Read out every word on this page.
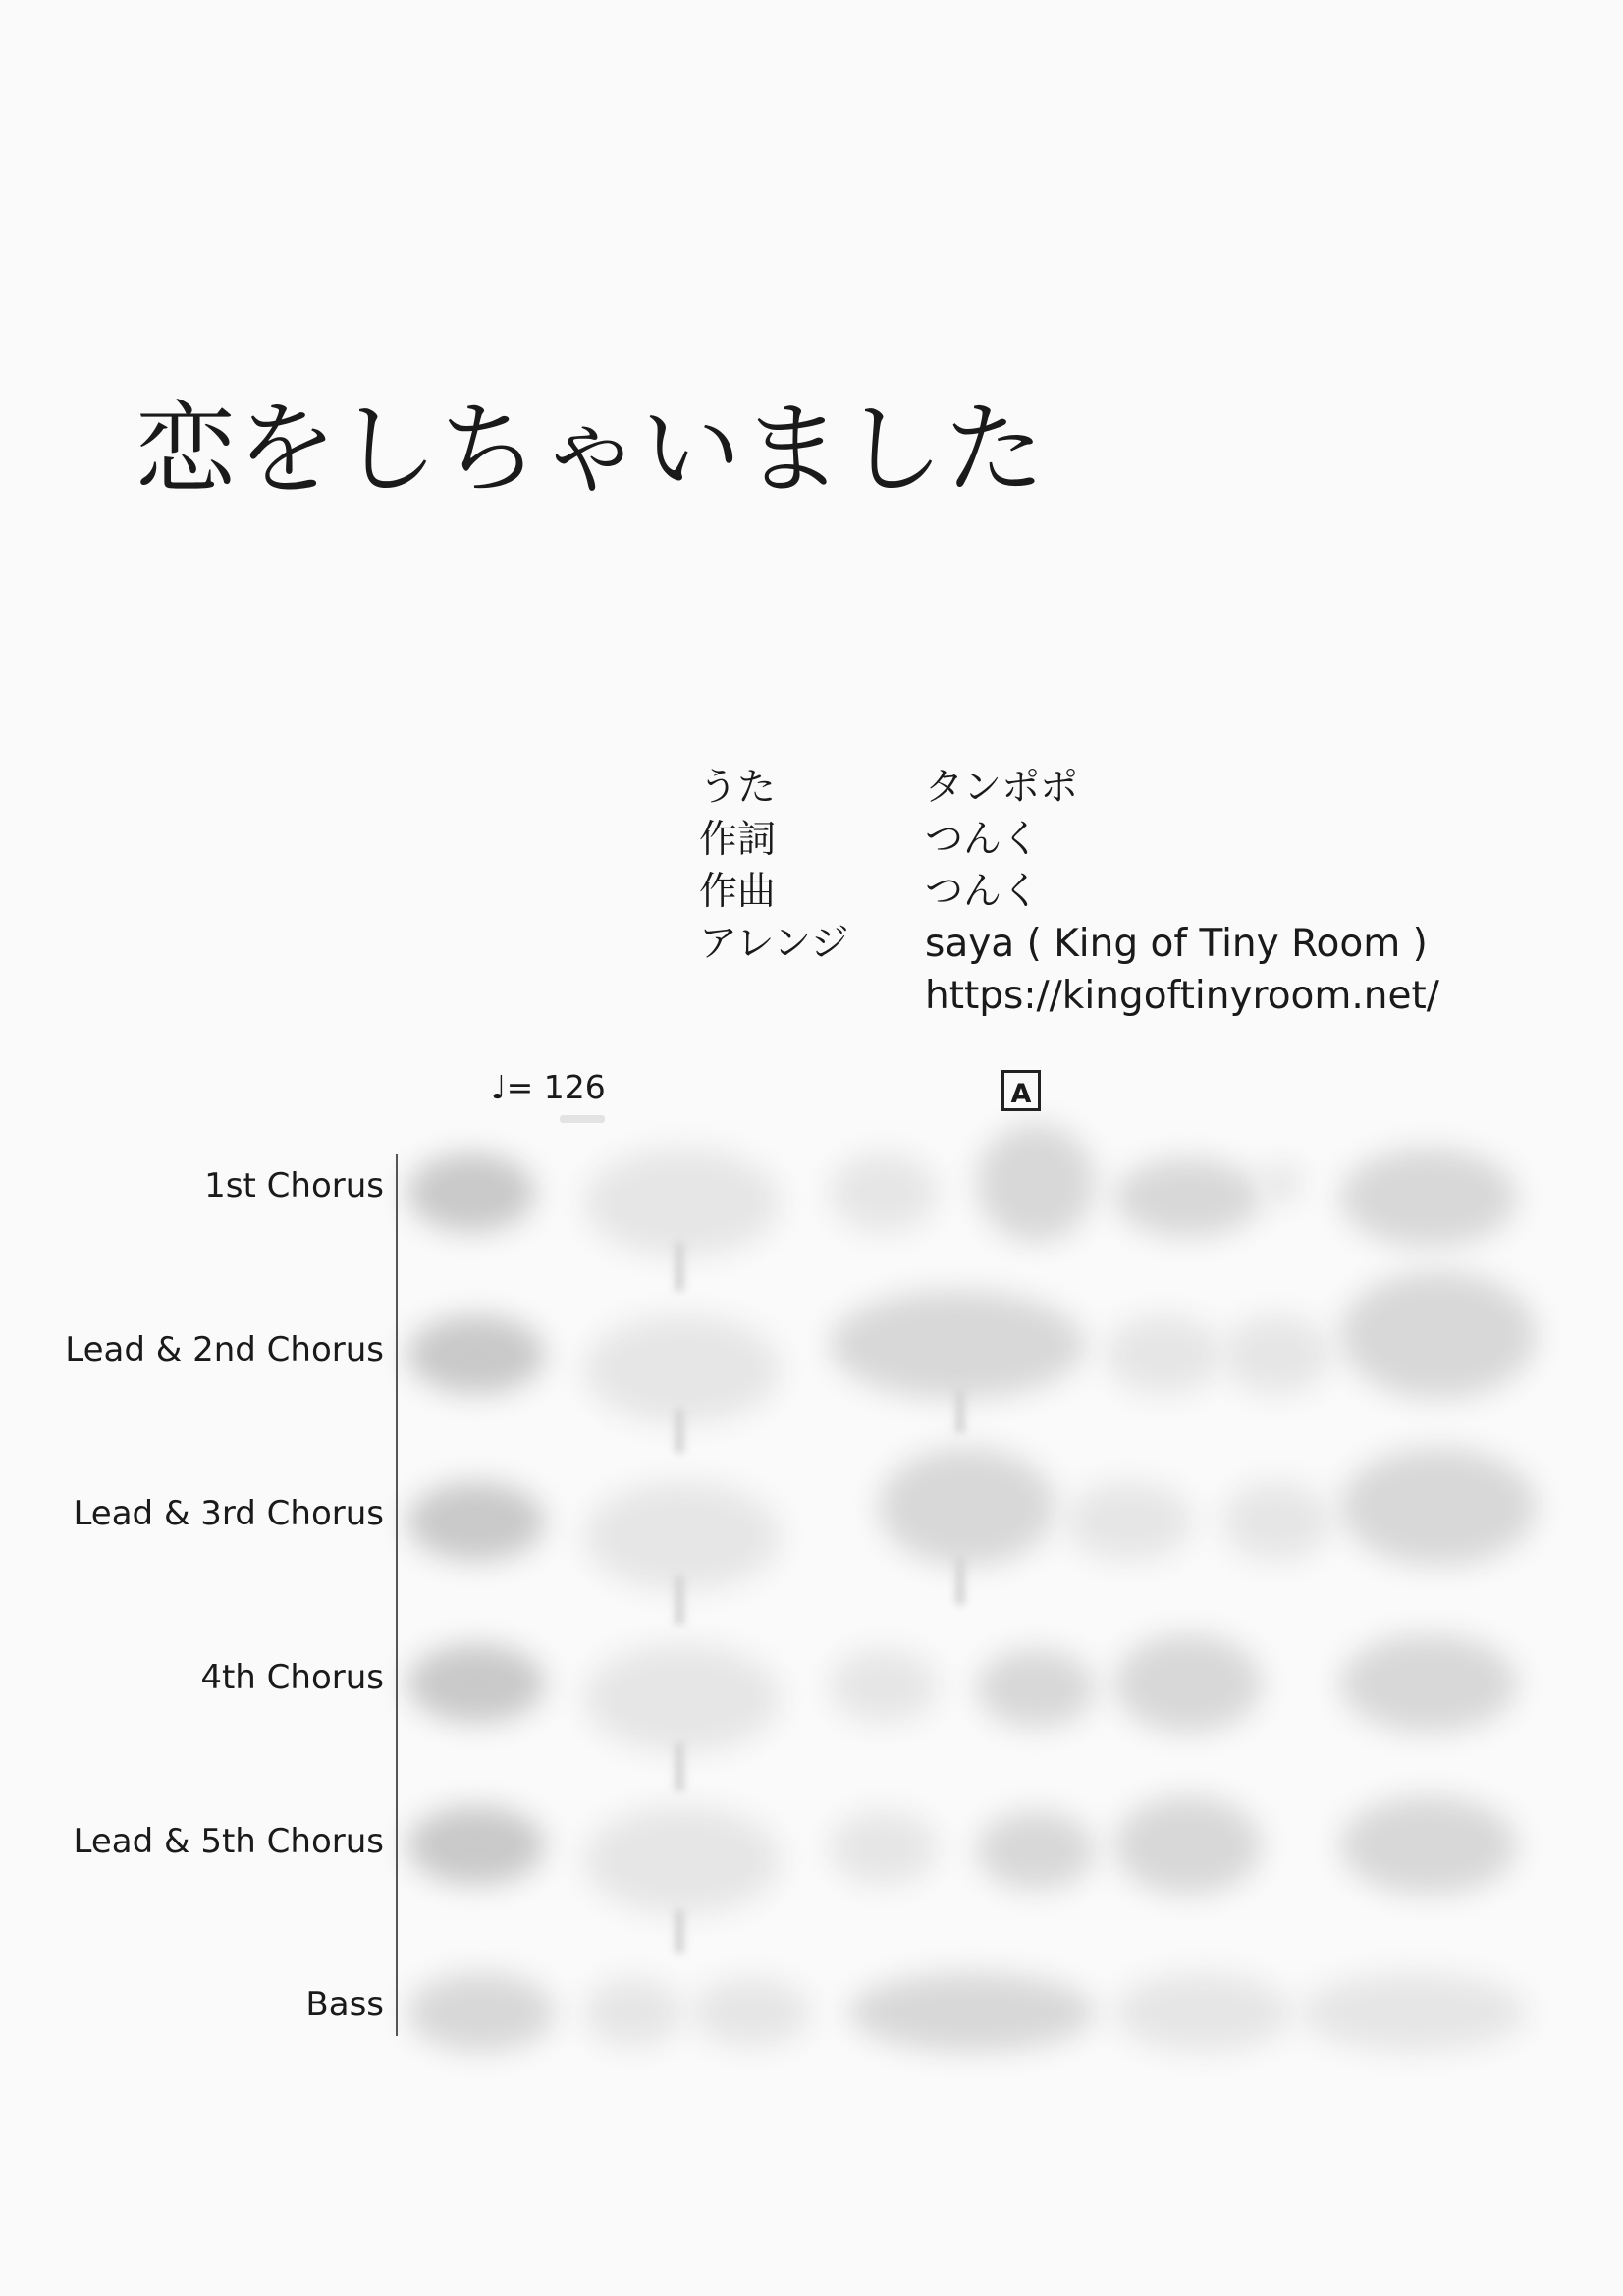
恋をしちゃいました
うた	タンポポ
作詞	つんく
作曲	つんく
アレンジ	saya ( King of Tiny Room )
https://kingoftinyroom.net/
♩= 126	A
1st Chorus
Lead & 2nd Chorus
Lead & 3rd Chorus
4th Chorus
Lead & 5th Chorus
Bass
